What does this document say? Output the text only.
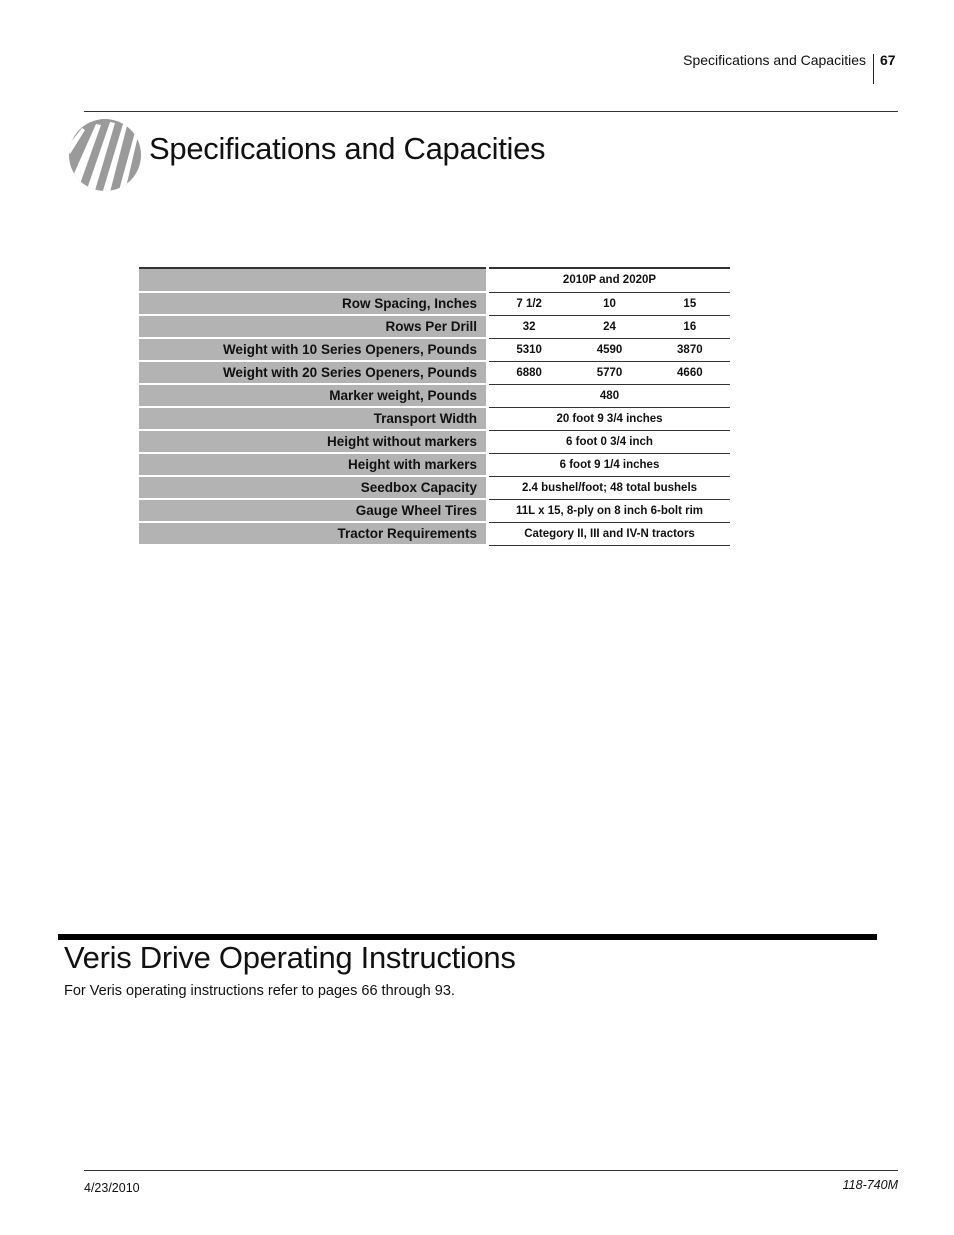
Specifications and Capacities 67
Specifications and Capacities
		2010P and 2020P		
Row Spacing, Inches		7 1/2	10	15
Rows Per Drill		32	24	16
Weight with 10 Series Openers, Pounds		5310	4590	3870
Weight with 20 Series Openers, Pounds		6880	5770	4660
Marker weight, Pounds		480		
Transport Width		20 foot 9 3/4 inches		
Height without markers		6 foot 0 3/4 inch		
Height with markers		6 foot 9 1/4 inches		
Seedbox Capacity		2.4 bushel/foot; 48 total bushels		
Gauge Wheel Tires		11L x 15, 8-ply on 8 inch 6-bolt rim		
Tractor Requirements		Category II, III and IV-N tractors		
Veris Drive Operating Instructions

For Veris operating instructions refer to pages 66 through 93.

4/23/2010	118-740M
